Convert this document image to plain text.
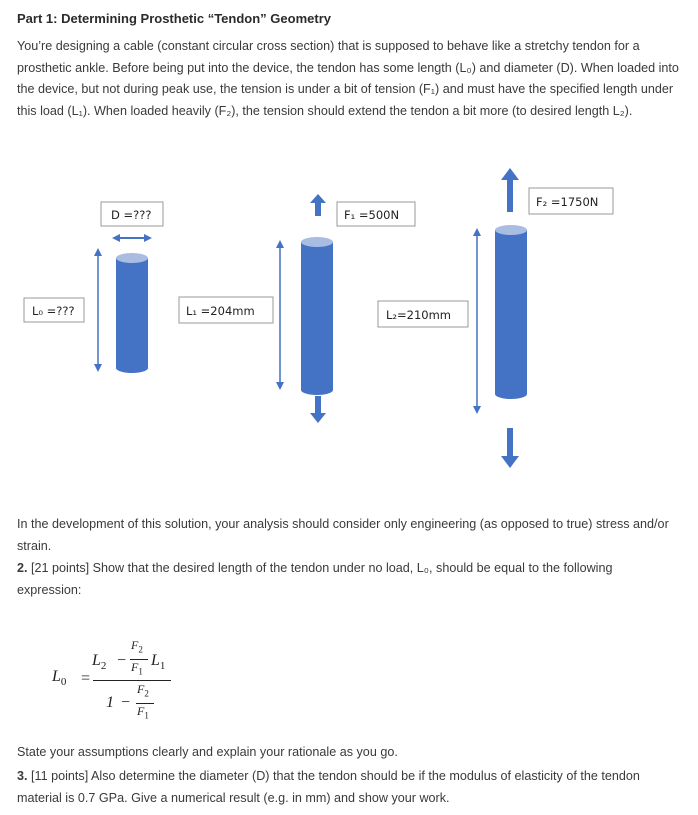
Part 1: Determining Prosthetic “Tendon” Geometry
You’re designing a cable (constant circular cross section) that is supposed to behave like a stretchy tendon for a prosthetic ankle. Before being put into the device, the tendon has some length (L₀) and diameter (D). When loaded into the device, but not during peak use, the tension is under a bit of tension (F₁) and must have the specified length under this load (L₁). When loaded heavily (F₂), the tension should extend the tendon a bit more (to desired length L₂).
D =???
L₀ =???
F₁ =500N
L₁ =204mm
F₂ =1750N
L₂=210mm
In the development of this solution, your analysis should consider only engineering (as opposed to true) stress and/or strain.
2. [21 points] Show that the desired length of the tendon under no load, L₀, should be equal to the following expression:
$L_0$ =
$L_2$ −
$F_2$
$F_1$
$L_1$
1 −
$F_2$
$F_1$
State your assumptions clearly and explain your rationale as you go.
3. [11 points] Also determine the diameter (D) that the tendon should be if the modulus of elasticity of the tendon material is 0.7 GPa. Give a numerical result (e.g. in mm) and show your work.
